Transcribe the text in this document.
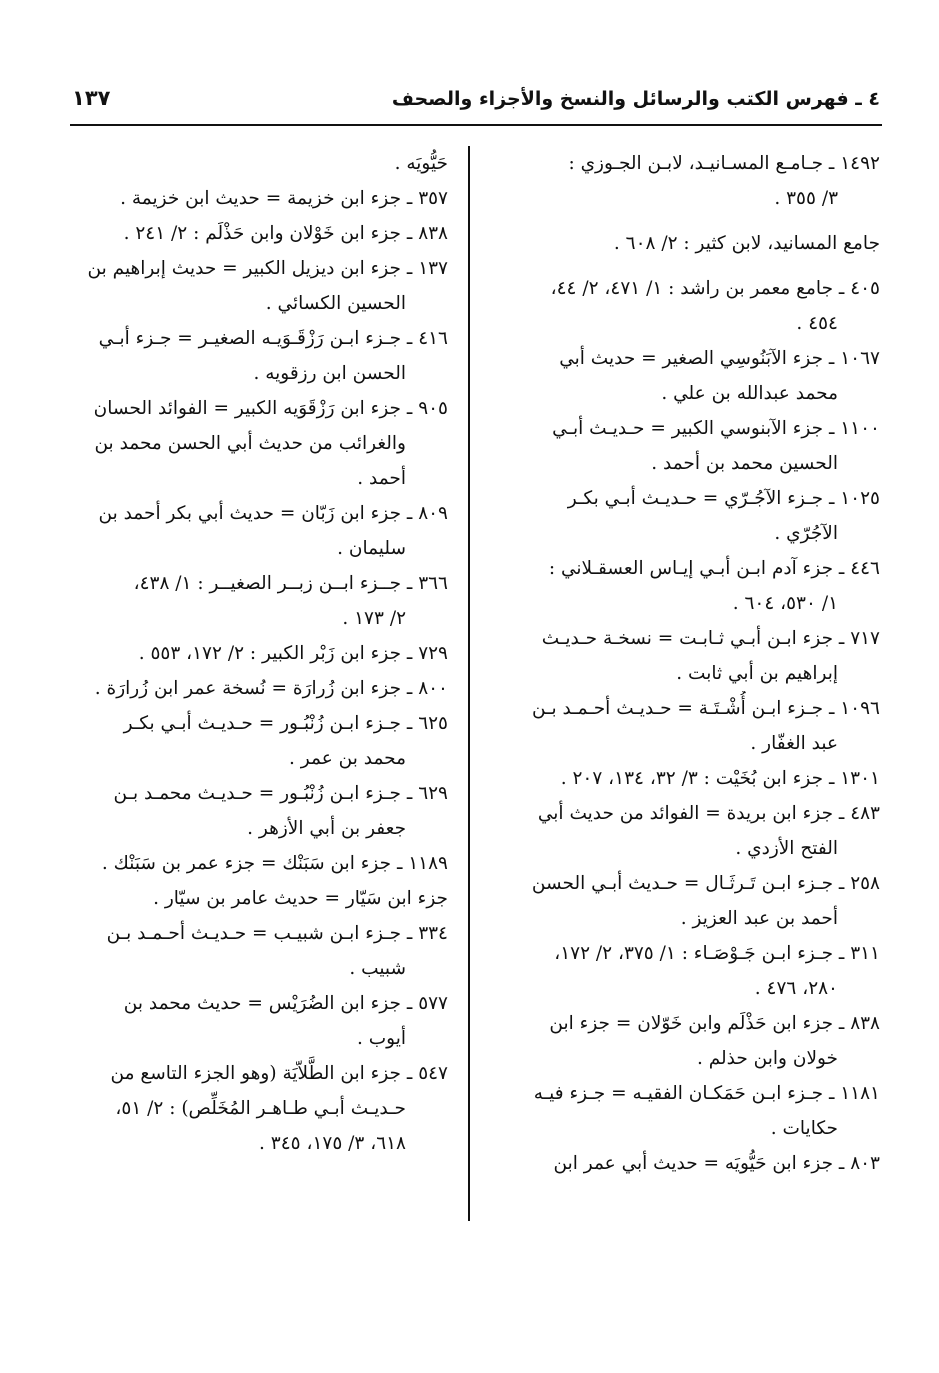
٤ ـ فهرس الكتب والرسائل والنسخ والأجزاء والصحف
١٣٧
١٤٩٢ ـ جـامـع المسـانيـد، لابـن الجـوزي :
٣/ ٣٥٥ .
جامع المسانيد، لابن كثير : ٢/ ٦٠٨ .
٤٠٥ ـ جامع معمر بن راشد : ١/ ٤٧١، ٢/ ٤٤،
٤٥٤ .
١٠٦٧ ـ جزء الآبَنُوسِي الصغير = حديث أبي
محمد عبدالله بن علي .
١١٠٠ ـ جزء الآبنوسي الكبير = حـديـث أبـي
الحسين محمد بن أحمد .
١٠٢٥ ـ جـزء الآجُـرّي = حـديـث أبـي بكـر
الآجُرّي .
٤٤٦ ـ جزء آدم ابـن أبـي إيـاس العسقـلاني :
١/ ٥٣٠، ٦٠٤ .
٧١٧ ـ جزء ابـن أبـي ثـابـت = نسخـة حـديـث
إبراهيم بن أبي ثابت .
١٠٩٦ ـ جـزء ابـن أُشْـتَـة = حـديـث أحـمـد بـن
عبد الغفّار .
١٣٠١ ـ جزء ابن بُخَيْت : ٣/ ٣٢، ١٣٤، ٢٠٧ .
٤٨٣ ـ جزء ابن بريدة = الفوائد من حديث أبي
الفتح الأزدي .
٢٥٨ ـ جـزء ابـن تَـرثَـال = حـديث أبـي الحسن
أحمد بن عبد العزيز .
٣١١ ـ جـزء ابـن جَـوْصَـاء : ١/ ٣٧٥، ٢/ ١٧٢،
٢٨٠، ٤٧٦ .
٨٣٨ ـ جزء ابن حَذْلَم وابن خَوّلان = جزء ابن
خولان وابن حذلم .
١١٨١ ـ جـزء ابـن حَمَكـان الفقيـه = جـزء فيـه
حكايات .
٨٠٣ ـ جزء ابن حَيُّويَه = حديث أبي عمر ابن
حَيُّويَه .
٣٥٧ ـ جزء ابن خزيمة = حديث ابن خزيمة .
٨٣٨ ـ جزء ابن خَوْلان وابن حَذْلَم : ٢/ ٢٤١ .
١٣٧ ـ جزء ابن ديزيل الكبير = حديث إبراهيم بن
الحسين الكسائي .
٤١٦ ـ جـزء ابـن رَزْقَـوَيـه الصغيـر = جـزء أبـي
الحسن ابن رزقويه .
٩٠٥ ـ جزء ابن رَزْقَوَيه الكبير = الفوائد الحسان
والغرائب من حديث أبي الحسن محمد بن
أحمد .
٨٠٩ ـ جزء ابن زَبّان = حديث أبي بكر أحمد بن
سليمان .
٣٦٦ ـ جــزء ابــن زبــر الصغيــر : ١/ ٤٣٨،
٢/ ١٧٣ .
٧٢٩ ـ جزء ابن زَبْر الكبير : ٢/ ١٧٢، ٥٥٣ .
٨٠٠ ـ جزء ابن زُرارَة = نُسخة عمر ابن زُرارَة .
٦٢٥ ـ جـزء ابـن زُنْبُـور = حـديـث أبـي بكـر
محمد بن عمر .
٦٢٩ ـ جـزء ابـن زُنْبُـور = حـديـث محمـد بـن
جعفر بن أبي الأزهر .
١١٨٩ ـ جزء ابن سَبَنْك = جزء عمر بن سَبَنْك .
جزء ابن سَيّار = حديث عامر بن سيّار .
٣٣٤ ـ جـزء ابـن شبيـب = حـديـث أحـمـد بـن
شبيب .
٥٧٧ ـ جزء ابن الضُرَيْس = حديث محمد بن
أيوب .
٥٤٧ ـ جزء ابن الطَّلاّيَة (وهو الجزء التاسع من
حـديـث أبـي طـاهـر المُخَلِّص) : ٢/ ٥١،
٦١٨، ٣/ ١٧٥، ٣٤٥ .
